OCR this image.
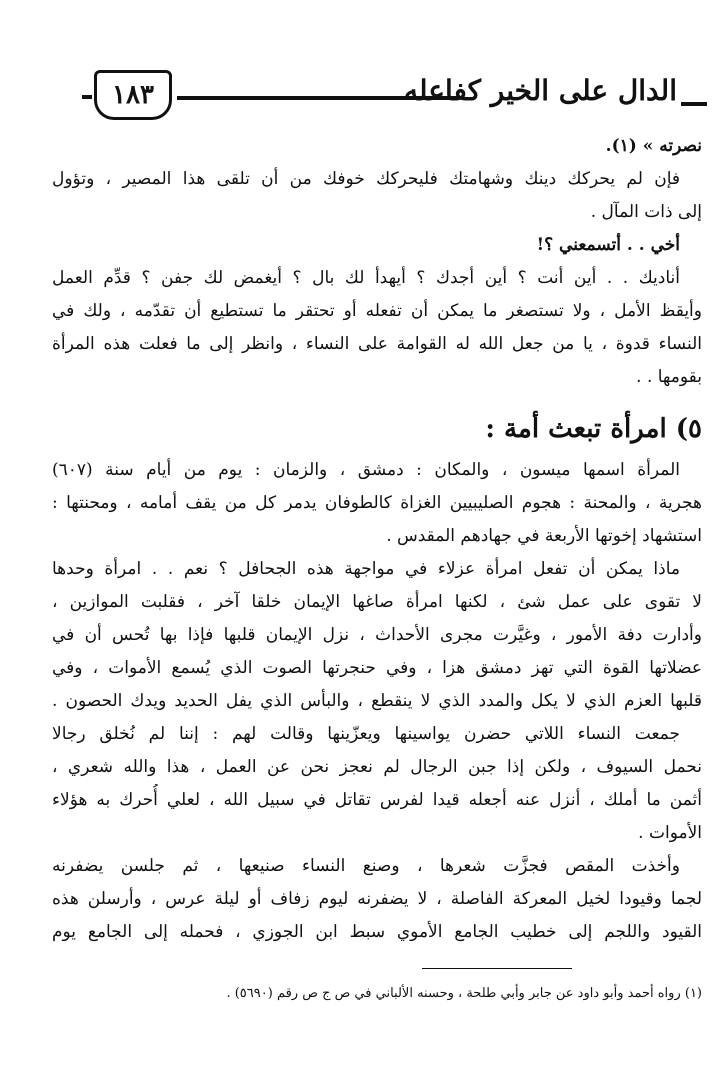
الدال على الخير كفاعله
١٨٣
نصرته » (١).
فإن لم يحركك دينك وشهامتك فليحركك خوفك من أن تلقى هذا المصير ، وتؤول
إلى ذات المآل .
أخي . . أتسمعني ؟!
أناديك . . أين أنت ؟ أين أجدك ؟ أيهدأ لك بال ؟ أيغمض لك جفن ؟ قدِّم العمل
وأيقظ الأمل ، ولا تستصغر ما يمكن أن تفعله أو تحتقر ما تستطيع أن تقدّمه ، ولك في
النساء قدوة ، يا من جعل الله له القوامة على النساء ، وانظر إلى ما فعلت هذه المرأة
بقومها . .
٥) امرأة تبعث أمة :
المرأة اسمها ميسون ، والمكان : دمشق ، والزمان : يوم من أيام سنة (٦٠٧)
هجرية ، والمحنة : هجوم الصليبيين الغزاة كالطوفان يدمر كل من يقف أمامه ، ومحنتها :
استشهاد إخوتها الأربعة في جهادهم المقدس .
ماذا يمكن أن تفعل امرأة عزلاء في مواجهة هذه الجحافل ؟ نعم . . امرأة وحدها
لا تقوى على عمل شئ ، لكنها امرأة صاغها الإيمان خلقا آخر ، فقلبت الموازين ،
وأدارت دفة الأمور ، وغيَّرت مجرى الأحداث ، نزل الإيمان قلبها فإذا بها تُحس أن في
عضلاتها القوة التي تهز دمشق هزا ، وفي حنجرتها الصوت الذي يُسمع الأموات ، وفي
قلبها العزم الذي لا يكل والمدد الذي لا ينقطع ، والبأس الذي يفل الحديد ويدك الحصون .
جمعت النساء اللاتي حضرن يواسينها ويعزّينها وقالت لهم : إننا لم نُخلق رجالا
نحمل السيوف ، ولكن إذا جبن الرجال لم نعجز نحن عن العمل ، هذا والله شعري ،
أثمن ما أملك ، أنزل عنه أجعله قيدا لفرس تقاتل في سبيل الله ، لعلي أُحرك به هؤلاء
الأموات .
وأخذت المقص فجزَّت شعرها ، وصنع النساء صنيعها ، ثم جلسن يضفرنه
لجما وقيودا لخيل المعركة الفاصلة ، لا يضفرنه ليوم زفاف أو ليلة عرس ، وأرسلن هذه
القيود واللجم إلى خطيب الجامع الأموي سبط ابن الجوزي ، فحمله إلى الجامع يوم
(١) رواه أحمد وأبو داود عن جابر وأبي طلحة ، وحسنه الألباني في ص ج ص رقم (٥٦٩٠) .
